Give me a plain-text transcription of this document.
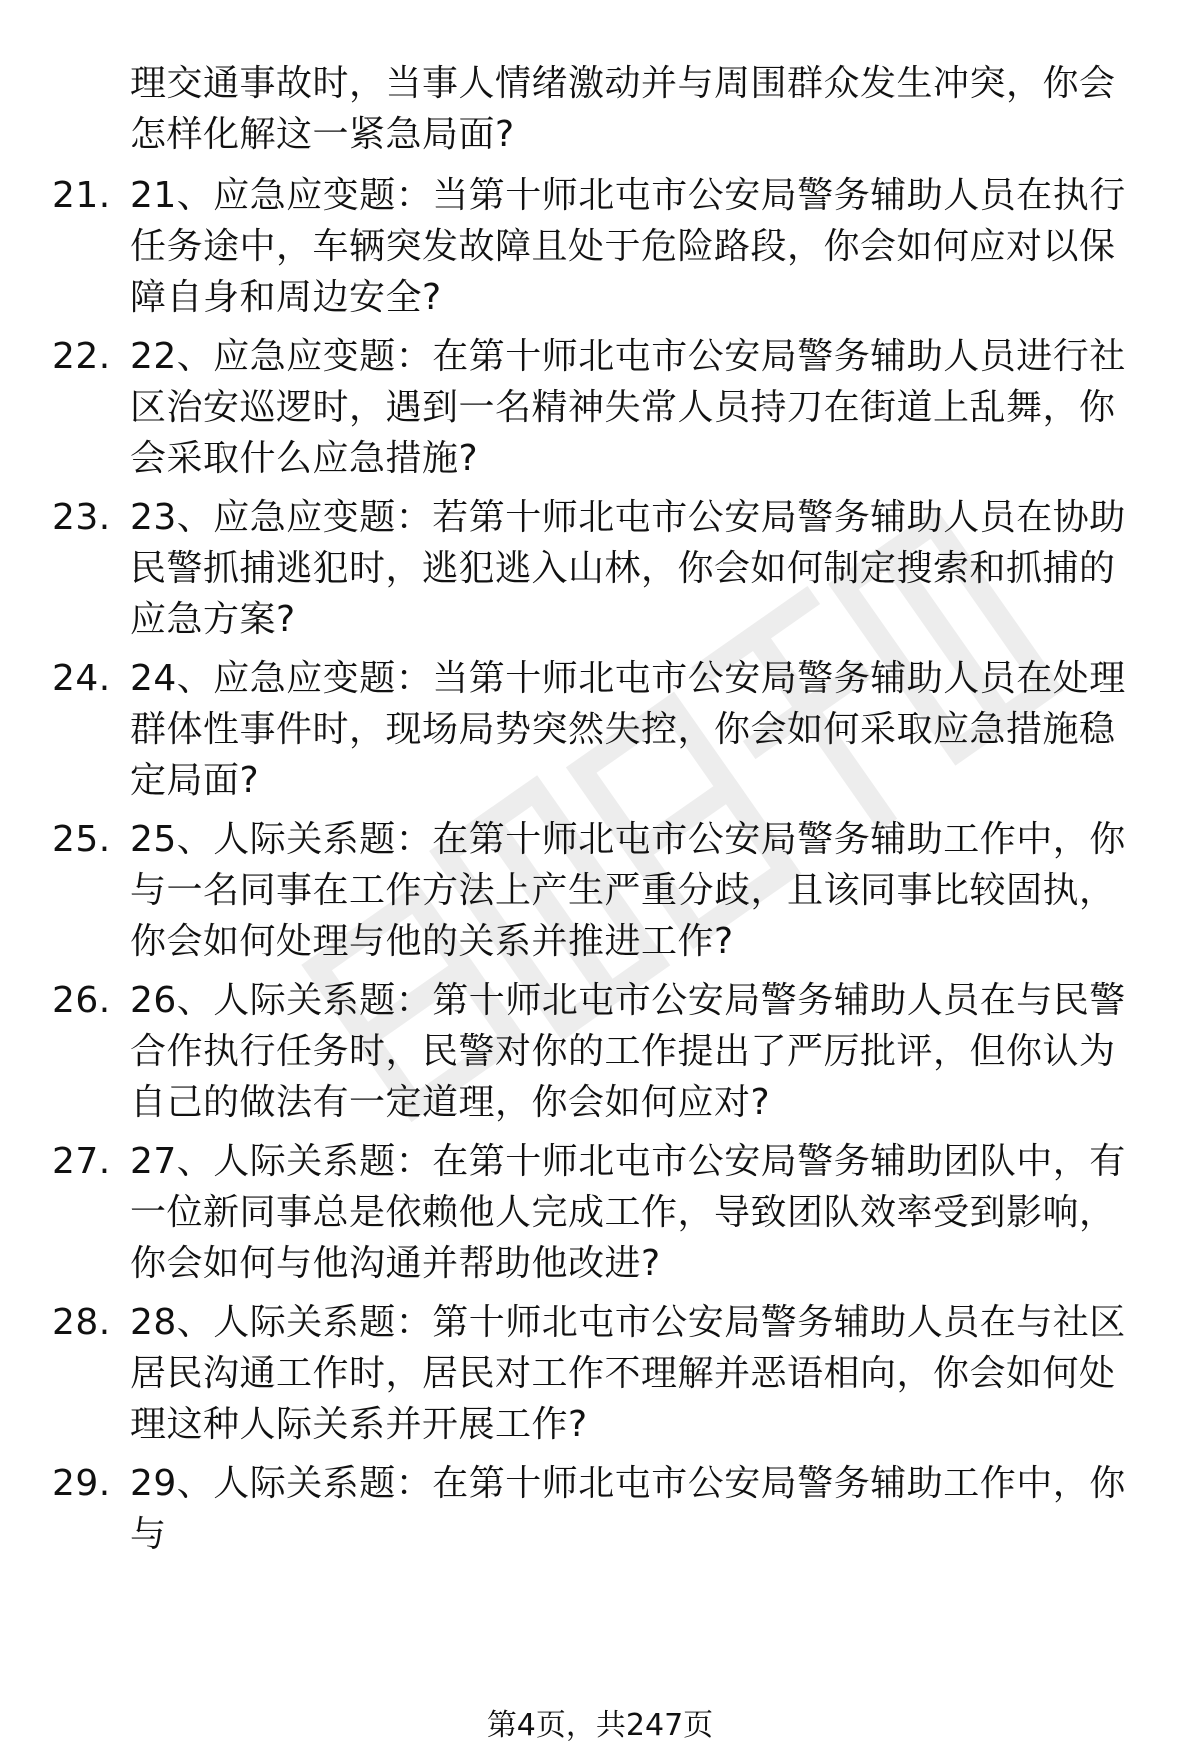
理交通事故时，当事人情绪激动并与周围群众发生冲突，你会怎样化解这一紧急局面?
21. 21、应急应变题：当第十师北屯市公安局警务辅助人员在执行任务途中，车辆突发故障且处于危险路段，你会如何应对以保障自身和周边安全?
22. 22、应急应变题：在第十师北屯市公安局警务辅助人员进行社区治安巡逻时，遇到一名精神失常人员持刀在街道上乱舞，你会采取什么应急措施?
23. 23、应急应变题：若第十师北屯市公安局警务辅助人员在协助民警抓捕逃犯时，逃犯逃入山林，你会如何制定搜索和抓捕的应急方案?
24. 24、应急应变题：当第十师北屯市公安局警务辅助人员在处理群体性事件时，现场局势突然失控，你会如何采取应急措施稳定局面?
25. 25、人际关系题：在第十师北屯市公安局警务辅助工作中，你与一名同事在工作方法上产生严重分歧，且该同事比较固执，你会如何处理与他的关系并推进工作?
26. 26、人际关系题：第十师北屯市公安局警务辅助人员在与民警合作执行任务时，民警对你的工作提出了严厉批评，但你认为自己的做法有一定道理，你会如何应对?
27. 27、人际关系题：在第十师北屯市公安局警务辅助团队中，有一位新同事总是依赖他人完成工作，导致团队效率受到影响，你会如何与他沟通并帮助他改进?
28. 28、人际关系题：第十师北屯市公安局警务辅助人员在与社区居民沟通工作时，居民对工作不理解并恶语相向，你会如何处理这种人际关系并开展工作?
29. 29、人际关系题：在第十师北屯市公安局警务辅助工作中，你与
第4页，共247页
